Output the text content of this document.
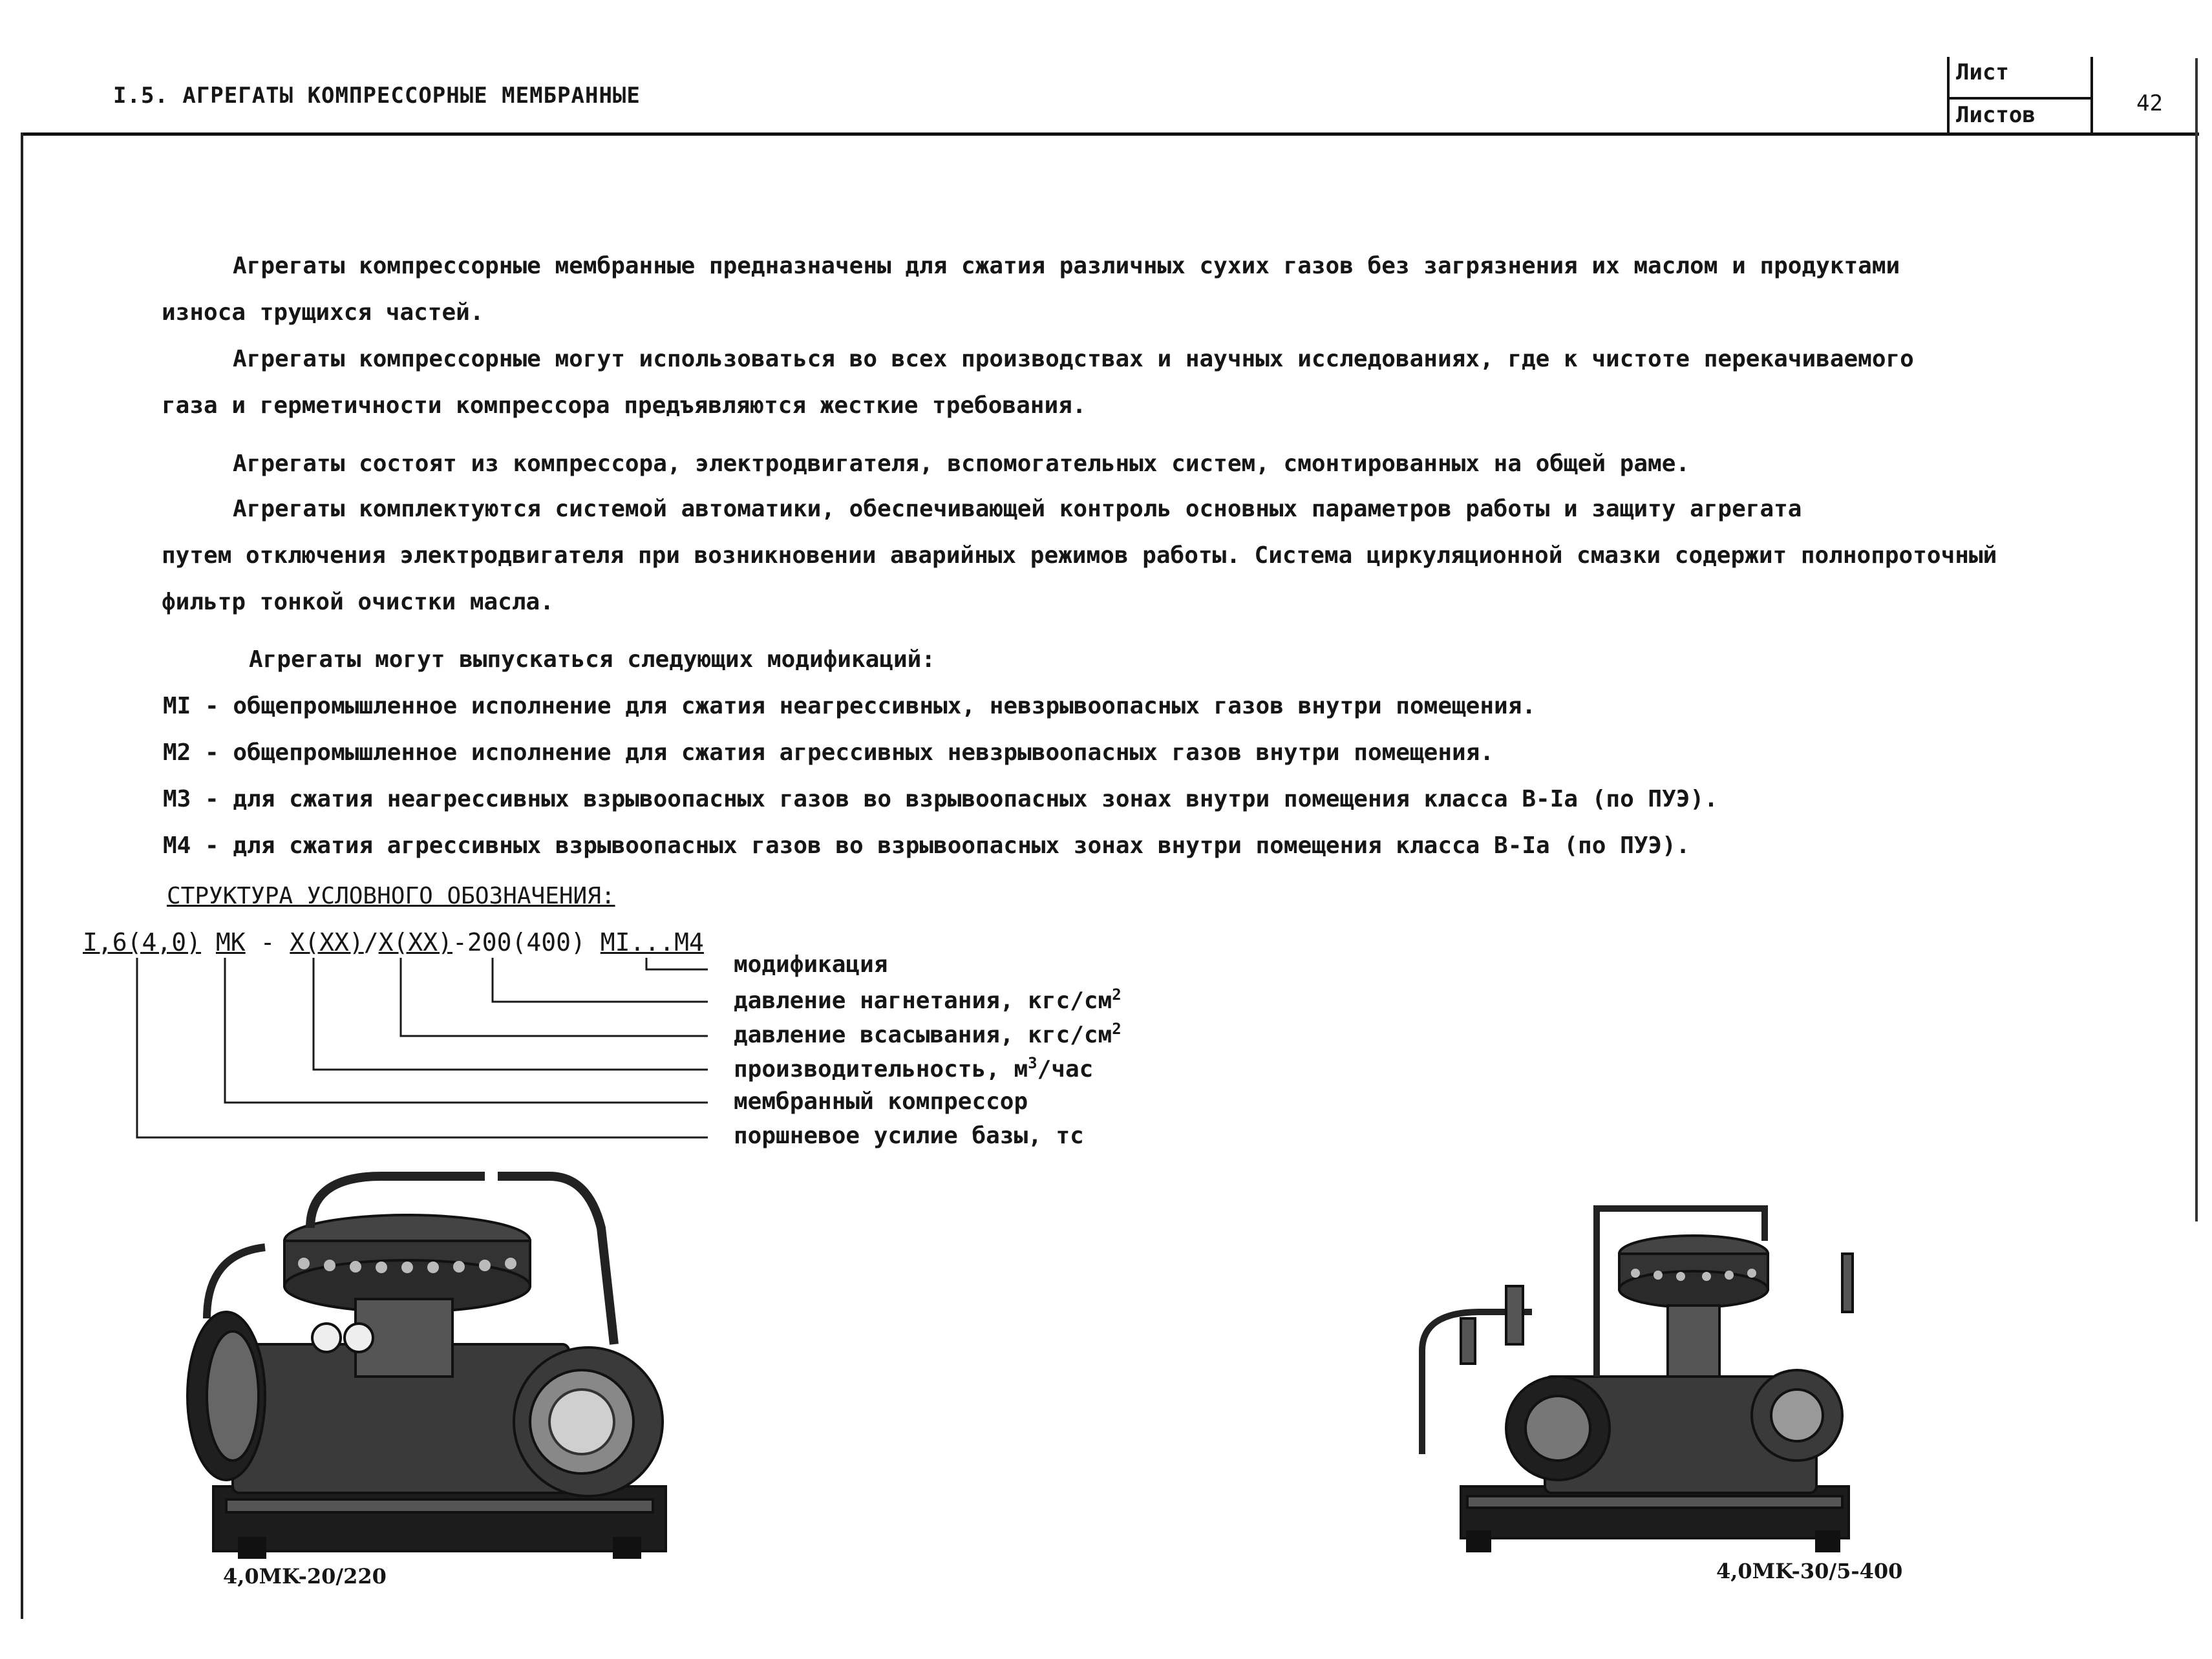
I.5. АГРЕГАТЫ КОМПРЕССОРНЫЕ МЕМБРАННЫЕ
Лист
Листов	42
Агрегаты компрессорные мембранные предназначены для сжатия различных сухих газов без загрязнения их маслом и продуктами
износа трущихся частей.
Агрегаты компрессорные могут использоваться во всех производствах и научных исследованиях, где к чистоте перекачиваемого
газа и герметичности компрессора предъявляются жесткие требования.
Агрегаты состоят из компрессора, электродвигателя, вспомогательных систем, смонтированных на общей раме.
Агрегаты комплектуются системой автоматики, обеспечивающей контроль основных параметров работы и защиту агрегата
путем отключения электродвигателя при возникновении аварийных режимов работы. Система циркуляционной смазки содержит полнопроточный фильтр тонкой очистки масла.
Агрегаты могут выпускаться следующих модификаций:
MI - общепромышленное исполнение для сжатия неагрессивных, невзрывоопасных газов внутри помещения.
M2 - общепромышленное исполнение для сжатия агрессивных невзрывоопасных газов внутри помещения.
M3 - для сжатия неагрессивных взрывоопасных газов во взрывоопасных зонах внутри помещения класса В-Iа (по ПУЭ).
M4 - для сжатия агрессивных взрывоопасных газов во взрывоопасных зонах внутри помещения класса В-Iа (по ПУЭ).
СТРУКТУРА УСЛОВНОГО ОБОЗНАЧЕНИЯ:
I,6(4,0) MK - X(XX)/X(XX)-200(400) MI...M4
модификация
давление нагнетания, кгс/$см^2$
давление всасывания, кгс/$см^2$
производительность, $м^3$/час
мембранный компрессор
поршневое усилие базы, тс
4,0MK-20/220	4,0MK-30/5-400
